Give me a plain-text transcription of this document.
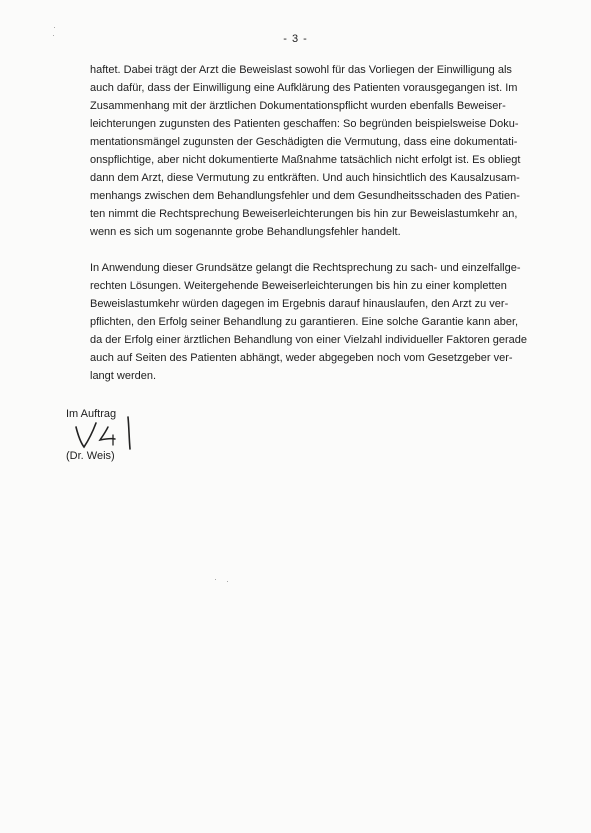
- 3 -
haftet. Dabei trägt der Arzt die Beweislast sowohl für das Vorliegen der Einwilligung als
auch dafür, dass der Einwilligung eine Aufklärung des Patienten vorausgegangen ist. Im
Zusammenhang mit der ärztlichen Dokumentationspflicht wurden ebenfalls Beweiser-
leichterungen zugunsten des Patienten geschaffen: So begründen beispielsweise Doku-
mentationsmängel zugunsten der Geschädigten die Vermutung, dass eine dokumentati-
onspflichtige, aber nicht dokumentierte Maßnahme tatsächlich nicht erfolgt ist. Es obliegt
dann dem Arzt, diese Vermutung zu entkräften. Und auch hinsichtlich des Kausalzusam-
menhangs zwischen dem Behandlungsfehler und dem Gesundheitsschaden des Patien-
ten nimmt die Rechtsprechung Beweiserleichterungen bis hin zur Beweislastumkehr an,
wenn es sich um sogenannte grobe Behandlungsfehler handelt.
In Anwendung dieser Grundsätze gelangt die Rechtsprechung zu sach- und einzelfallge-
rechten Lösungen. Weitergehende Beweiserleichterungen bis hin zu einer kompletten
Beweislastumkehr würden dagegen im Ergebnis darauf hinauslaufen, den Arzt zu ver-
pflichten, den Erfolg seiner Behandlung zu garantieren. Eine solche Garantie kann aber,
da der Erfolg einer ärztlichen Behandlung von einer Vielzahl individueller Faktoren gerade
auch auf Seiten des Patienten abhängt, weder abgegeben noch vom Gesetzgeber ver-
langt werden.
Im Auftrag
(Dr. Weis)
·
·
· ·
